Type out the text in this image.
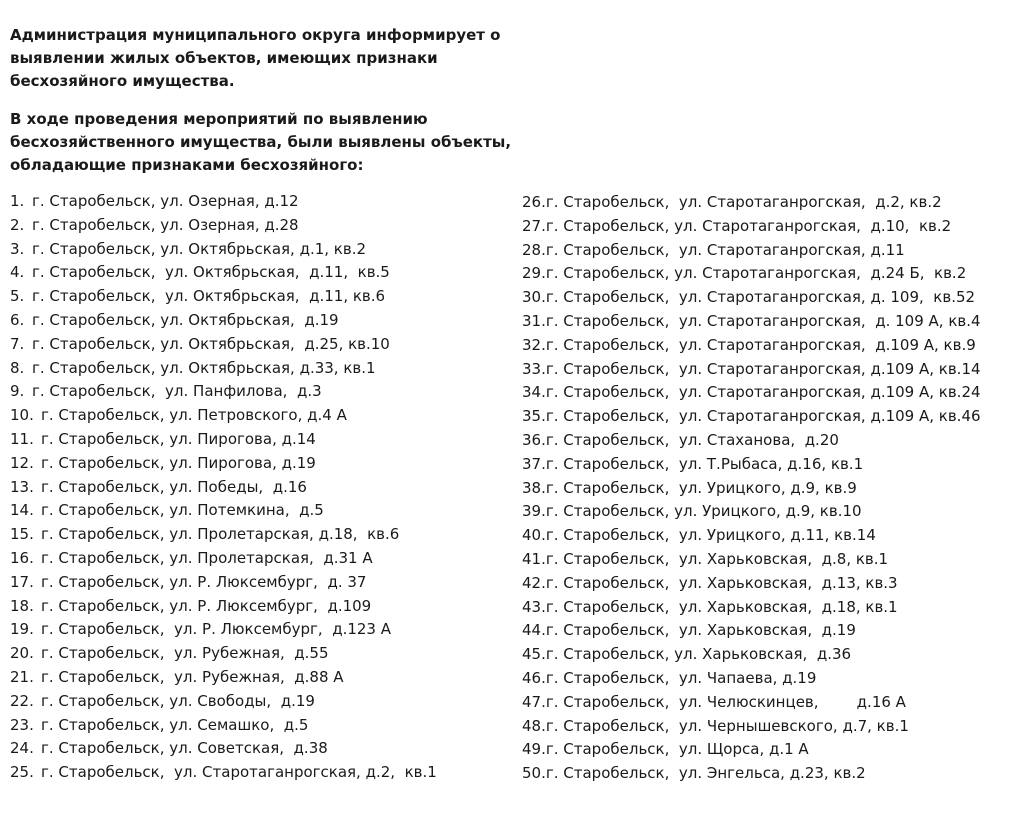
Администрация муниципального округа информирует о выявлении жилых объектов, имеющих признаки бесхозяйного имущества.

В ходе проведения мероприятий по выявлению бесхозяйственного имущества, были выявлены объекты, обладающие признаками бесхозяйного:

1. г. Старобельск, ул. Озерная, д.12
2. г. Старобельск, ул. Озерная, д.28
3. г. Старобельск, ул. Октябрьская, д.1, кв.2
4. г. Старобельск,  ул. Октябрьская,  д.11,  кв.5
5. г. Старобельск,  ул. Октябрьская,  д.11, кв.6
6. г. Старобельск, ул. Октябрьская,  д.19
7. г. Старобельск, ул. Октябрьская,  д.25, кв.10
8. г. Старобельск, ул. Октябрьская, д.33, кв.1
9. г. Старобельск,  ул. Панфилова,  д.3
10. г. Старобельск, ул. Петровского, д.4 А
11. г. Старобельск, ул. Пирогова, д.14
12. г. Старобельск, ул. Пирогова, д.19
13. г. Старобельск, ул. Победы,  д.16
14. г. Старобельск, ул. Потемкина,  д.5
15. г. Старобельск, ул. Пролетарская, д.18,  кв.6
16. г. Старобельск, ул. Пролетарская,  д.31 А
17. г. Старобельск, ул. Р. Люксембург,  д. 37
18. г. Старобельск, ул. Р. Люксембург,  д.109
19. г. Старобельск,  ул. Р. Люксембург,  д.123 А
20. г. Старобельск,  ул. Рубежная,  д.55
21. г. Старобельск,  ул. Рубежная,  д.88 А
22. г. Старобельск, ул. Свободы,  д.19
23. г. Старобельск, ул. Семашко,  д.5
24. г. Старобельск, ул. Советская,  д.38
25. г. Старобельск,  ул. Старотаганрогская, д.2,  кв.1
26.г. Старобельск,  ул. Старотаганрогская,  д.2, кв.2
27.г. Старобельск, ул. Старотаганрогская,  д.10,  кв.2
28.г. Старобельск,  ул. Старотаганрогская, д.11
29.г. Старобельск, ул. Старотаганрогская,  д.24 Б,  кв.2
30.г. Старобельск,  ул. Старотаганрогская, д. 109,  кв.52
31.г. Старобельск,  ул. Старотаганрогская,  д. 109 А, кв.4
32.г. Старобельск,  ул. Старотаганрогская,  д.109 А, кв.9
33.г. Старобельск,  ул. Старотаганрогская, д.109 А, кв.14
34.г. Старобельск,  ул. Старотаганрогская, д.109 А, кв.24
35.г. Старобельск,  ул. Старотаганрогская, д.109 А, кв.46
36.г. Старобельск,  ул. Стаханова,  д.20
37.г. Старобельск,  ул. Т.Рыбаса, д.16, кв.1
38.г. Старобельск,  ул. Урицкого, д.9, кв.9
39.г. Старобельск, ул. Урицкого, д.9, кв.10
40.г. Старобельск,  ул. Урицкого, д.11, кв.14
41.г. Старобельск,  ул. Харьковская,  д.8, кв.1
42.г. Старобельск,  ул. Харьковская,  д.13, кв.3
43.г. Старобельск,  ул. Харьковская,  д.18, кв.1
44.г. Старобельск,  ул. Харьковская,  д.19
45.г. Старобельск, ул. Харьковская,  д.36
46.г. Старобельск,  ул. Чапаева, д.19
47.г. Старобельск,  ул. Челюскинцев,        д.16 А
48.г. Старобельск,  ул. Чернышевского, д.7, кв.1
49.г. Старобельск,  ул. Щорса, д.1 А
50.г. Старобельск,  ул. Энгельса, д.23, кв.2
